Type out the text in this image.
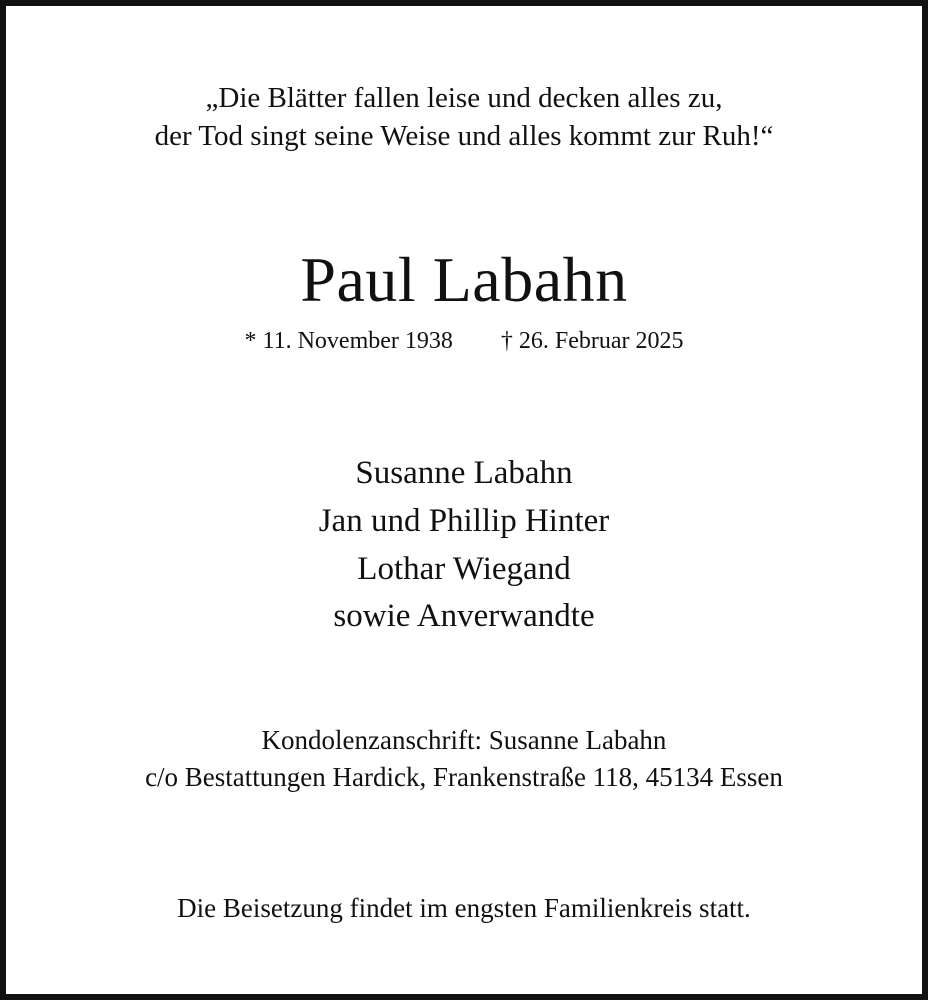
„Die Blätter fallen leise und decken alles zu,
der Tod singt seine Weise und alles kommt zur Ruh!“
Paul Labahn
* 11. November 1938 † 26. Februar 2025
Susanne Labahn
Jan und Phillip Hinter
Lothar Wiegand
sowie Anverwandte
Kondolenzanschrift: Susanne Labahn
c/o Bestattungen Hardick, Frankenstraße 118, 45134 Essen
Die Beisetzung findet im engsten Familienkreis statt.
